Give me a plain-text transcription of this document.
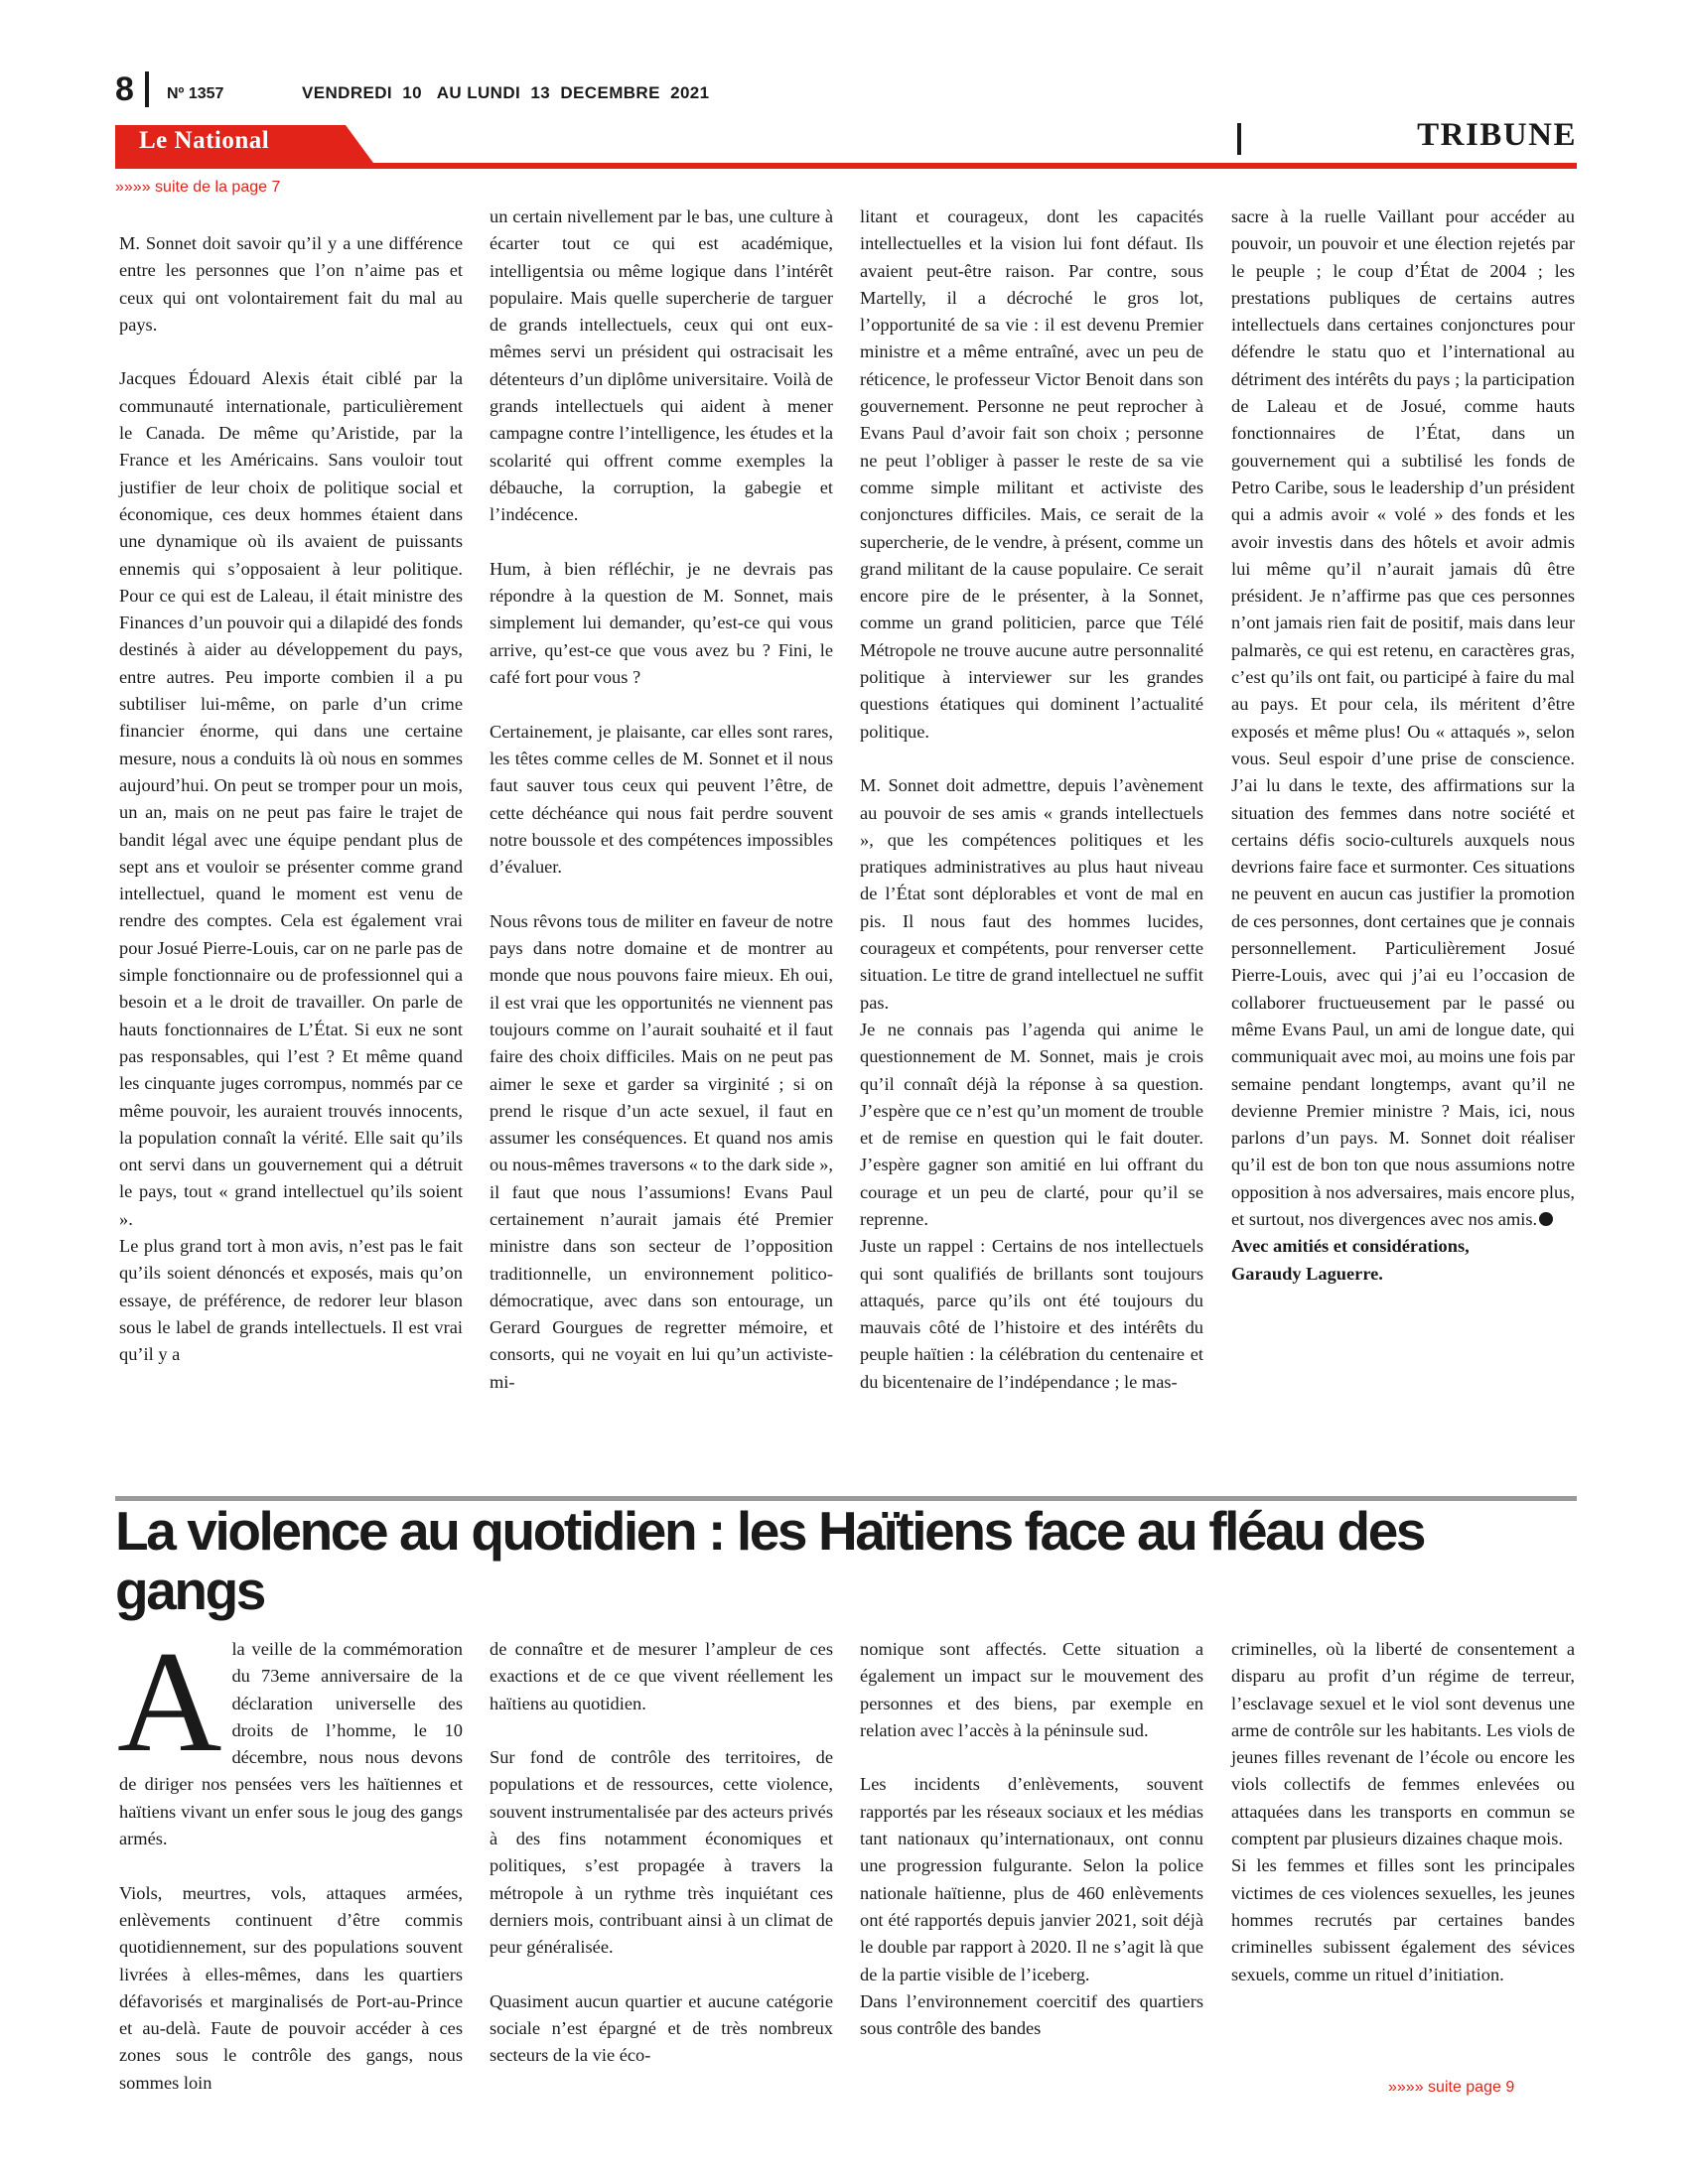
8 Nº 1357	VENDREDI  10   AU LUNDI  13  DECEMBRE  2021
Le National	TRIBUNE
»»»» suite de la page 7

M. Sonnet doit savoir qu’il y a une différence entre les personnes que l’on n’aime pas et ceux qui ont volontairement fait du mal au pays.

Jacques Édouard Alexis était ciblé par la communauté internationale, particulièrement le Canada. De même qu’Aristide, par la France et les Américains. Sans vouloir tout justifier de leur choix de politique social et économique, ces deux hommes étaient dans une dynamique où ils avaient de puissants ennemis qui s’opposaient à leur politique. Pour ce qui est de Laleau, il était ministre des Finances d’un pouvoir qui a dilapidé des fonds destinés à aider au développement du pays, entre autres. Peu importe combien il a pu subtiliser lui-même, on parle d’un crime financier énorme, qui dans une certaine mesure, nous a conduits là où nous en sommes aujourd’hui. On peut se tromper pour un mois, un an, mais on ne peut pas faire le trajet de bandit légal avec une équipe pendant plus de sept ans et vouloir se présenter comme grand intellectuel, quand le moment est venu de rendre des comptes. Cela est également vrai pour Josué Pierre-Louis, car on ne parle pas de simple fonctionnaire ou de professionnel qui a besoin et a le droit de travailler. On parle de hauts fonctionnaires de L’État. Si eux ne sont pas responsables, qui l’est ? Et même quand les cinquante juges corrompus, nommés par ce même pouvoir, les auraient trouvés innocents, la population connaît la vérité. Elle sait qu’ils ont servi dans un gouvernement qui a détruit le pays, tout « grand intellectuel qu’ils soient ».

Le plus grand tort à mon avis, n’est pas le fait qu’ils soient dénoncés et exposés, mais qu’on essaye, de préférence, de redorer leur blason sous le label de grands intellectuels. Il est vrai qu’il y a

un certain nivellement par le bas, une culture à écarter tout ce qui est académique, intelligentsia ou même logique dans l’intérêt populaire. Mais quelle supercherie de targuer de grands intellectuels, ceux qui ont eux-mêmes servi un président qui ostracisait les détenteurs d’un diplôme universitaire. Voilà de grands intellectuels qui aident à mener campagne contre l’intelligence, les études et la scolarité qui offrent comme exemples la débauche, la corruption, la gabegie et l’indécence.

Hum, à bien réfléchir, je ne devrais pas répondre à la question de M. Sonnet, mais simplement lui demander, qu’est-ce qui vous arrive, qu’est-ce que vous avez bu ? Fini, le café fort pour vous ?

Certainement, je plaisante, car elles sont rares, les têtes comme celles de M. Sonnet et il nous faut sauver tous ceux qui peuvent l’être, de cette déchéance qui nous fait perdre souvent notre boussole et des compétences impossibles d’évaluer.

Nous rêvons tous de militer en faveur de notre pays dans notre domaine et de montrer au monde que nous pouvons faire mieux. Eh oui, il est vrai que les opportunités ne viennent pas toujours comme on l’aurait souhaité et il faut faire des choix difficiles. Mais on ne peut pas aimer le sexe et garder sa virginité ; si on prend le risque d’un acte sexuel, il faut en assumer les conséquences. Et quand nos amis ou nous-mêmes traversons « to the dark side », il faut que nous l’assumions! Evans Paul certainement n’aurait jamais été Premier ministre dans son secteur de l’opposition traditionnelle, un environnement politico-démocratique, avec dans son entourage, un Gerard Gourgues de regretter mémoire, et consorts, qui ne voyait en lui qu’un activiste-mi-

litant et courageux, dont les capacités intellectuelles et la vision lui font défaut. Ils avaient peut-être raison. Par contre, sous Martelly, il a décroché le gros lot, l’opportunité de sa vie : il est devenu Premier ministre et a même entraîné, avec un peu de réticence, le professeur Victor Benoit dans son gouvernement. Personne ne peut reprocher à Evans Paul d’avoir fait son choix ; personne ne peut l’obliger à passer le reste de sa vie comme simple militant et activiste des conjonctures difficiles. Mais, ce serait de la supercherie, de le vendre, à présent, comme un grand militant de la cause populaire. Ce serait encore pire de le présenter, à la Sonnet, comme un grand politicien, parce que Télé Métropole ne trouve aucune autre personnalité politique à interviewer sur les grandes questions étatiques qui dominent l’actualité politique.

M. Sonnet doit admettre, depuis l’avènement au pouvoir de ses amis « grands intellectuels », que les compétences politiques et les pratiques administratives au plus haut niveau de l’État sont déplorables et vont de mal en pis. Il nous faut des hommes lucides, courageux et compétents, pour renverser cette situation. Le titre de grand intellectuel ne suffit pas.

Je ne connais pas l’agenda qui anime le questionnement de M. Sonnet, mais je crois qu’il connaît déjà la réponse à sa question. J’espère que ce n’est qu’un moment de trouble et de remise en question qui le fait douter. J’espère gagner son amitié en lui offrant du courage et un peu de clarté, pour qu’il se reprenne.

Juste un rappel : Certains de nos intellectuels qui sont qualifiés de brillants sont toujours attaqués, parce qu’ils ont été toujours du mauvais côté de l’histoire et des intérêts du peuple haïtien : la célébration du centenaire et du bicentenaire de l’indépendance ; le mas-

sacre à la ruelle Vaillant pour accéder au pouvoir, un pouvoir et une élection rejetés par le peuple ; le coup d’État de 2004 ; les prestations publiques de certains autres intellectuels dans certaines conjonctures pour défendre le statu quo et l’international au détriment des intérêts du pays ; la participation de Laleau et de Josué, comme hauts fonctionnaires de l’État, dans un gouvernement qui a subtilisé les fonds de Petro Caribe, sous le leadership d’un président qui a admis avoir « volé » des fonds et les avoir investis dans des hôtels et avoir admis lui même qu’il n’aurait jamais dû être président. Je n’affirme pas que ces personnes n’ont jamais rien fait de positif, mais dans leur palmarès, ce qui est retenu, en caractères gras, c’est qu’ils ont fait, ou participé à faire du mal au pays. Et pour cela, ils méritent d’être exposés et même plus! Ou « attaqués », selon vous. Seul espoir d’une prise de conscience. J’ai lu dans le texte, des affirmations sur la situation des femmes dans notre société et certains défis socio-culturels auxquels nous devrions faire face et surmonter. Ces situations ne peuvent en aucun cas justifier la promotion de ces personnes, dont certaines que je connais personnellement. Particulièrement Josué Pierre-Louis, avec qui j’ai eu l’occasion de collaborer fructueusement par le passé ou même Evans Paul, un ami de longue date, qui communiquait avec moi, au moins une fois par semaine pendant longtemps, avant qu’il ne devienne Premier ministre ? Mais, ici, nous parlons d’un pays. M. Sonnet doit réaliser qu’il est de bon ton que nous assumions notre opposition à nos adversaires, mais encore plus, et surtout, nos divergences avec nos amis.

Avec amitiés et considérations,

Garaudy Laguerre.

La violence au quotidien : les Haïtiens face au fléau des gangs

Ala veille de la commémoration du 73eme anniversaire de la déclaration universelle des droits de l’homme, le 10 décembre, nous nous devons de diriger nos pensées vers les haïtiennes et haïtiens vivant un enfer sous le joug des gangs armés.

Viols, meurtres, vols, attaques armées, enlèvements continuent d’être commis quotidiennement, sur des populations souvent livrées à elles-mêmes, dans les quartiers défavorisés et marginalisés de Port-au-Prince et au-delà. Faute de pouvoir accéder à ces zones sous le contrôle des gangs, nous sommes loin

de connaître et de mesurer l’ampleur de ces exactions et de ce que vivent réellement les haïtiens au quotidien.

Sur fond de contrôle des territoires, de populations et de ressources, cette violence, souvent instrumentalisée par des acteurs privés à des fins notamment économiques et politiques, s’est propagée à travers la métropole à un rythme très inquiétant ces derniers mois, contribuant ainsi à un climat de peur généralisée.

Quasiment aucun quartier et aucune catégorie sociale n’est épargné et de très nombreux secteurs de la vie éco-

nomique sont affectés. Cette situation a également un impact sur le mouvement des personnes et des biens, par exemple en relation avec l’accès à la péninsule sud.

Les incidents d’enlèvements, souvent rapportés par les réseaux sociaux et les médias tant nationaux qu’internationaux, ont connu une progression fulgurante. Selon la police nationale haïtienne, plus de 460 enlèvements ont été rapportés depuis janvier 2021, soit déjà le double par rapport à 2020. Il ne s’agit là que de la partie visible de l’iceberg.

Dans l’environnement coercitif des quartiers sous contrôle des bandes

criminelles, où la liberté de consentement a disparu au profit d’un régime de terreur, l’esclavage sexuel et le viol sont devenus une arme de contrôle sur les habitants. Les viols de jeunes filles revenant de l’école ou encore les viols collectifs de femmes enlevées ou attaquées dans les transports en commun se comptent par plusieurs dizaines chaque mois.

Si les femmes et filles sont les principales victimes de ces violences sexuelles, les jeunes hommes recrutés par certaines bandes criminelles subissent également des sévices sexuels, comme un rituel d’initiation.

»»»» suite page 9
